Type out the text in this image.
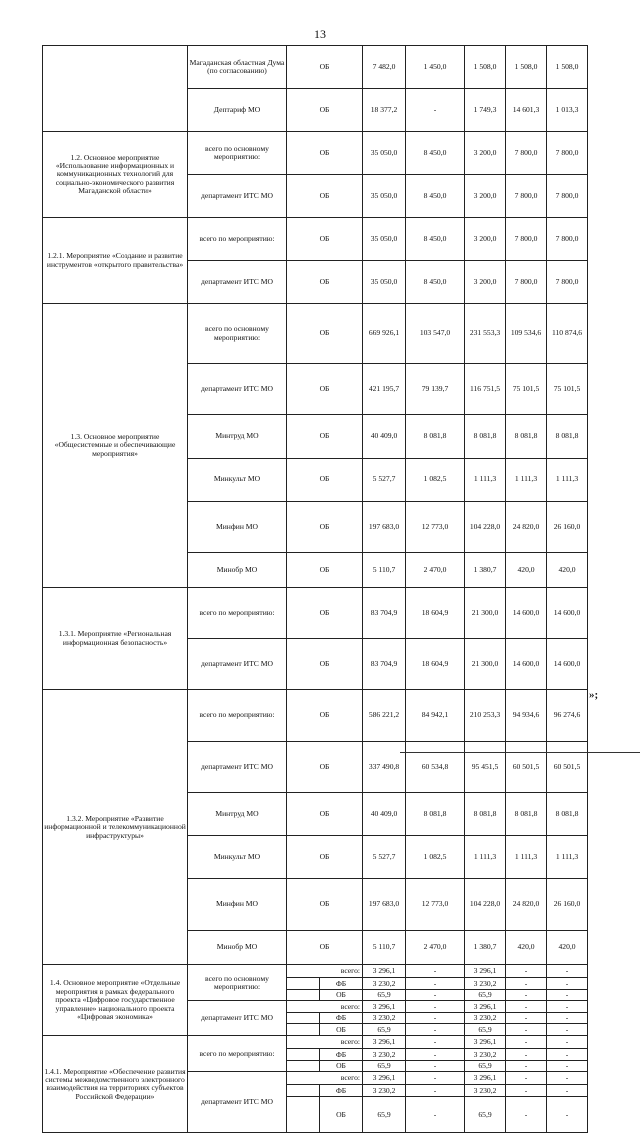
13
	Магаданская областная Дума (по согласованию)	ОБ		7 482,0	1 450,0	1 508,0	1 508,0	1 508,0	
	Дептариф МО	ОБ		18 377,2	-	1 749,3	14 601,3	1 013,3	
1.2. Основное мероприятие «Использование информационных и коммуникационных технологий для социально-экономического развития Магаданской области»	всего по основному мероприятию:	ОБ		35 050,0	8 450,0	3 200,0	7 800,0	7 800,0	
	департамент ИТС МО	ОБ		35 050,0	8 450,0	3 200,0	7 800,0	7 800,0	
1.2.1. Мероприятие «Создание и развитие инструментов «открытого правительства»	всего по мероприятию:	ОБ		35 050,0	8 450,0	3 200,0	7 800,0	7 800,0	
	департамент ИТС МО	ОБ		35 050,0	8 450,0	3 200,0	7 800,0	7 800,0	
1.3. Основное мероприятие «Общесистемные и обеспечивающие мероприятия»	всего по основному мероприятию:	ОБ		669 926,1	103 547,0	231 553,3	109 534,6	110 874,6	
	департамент ИТС МО	ОБ		421 195,7	79 139,7	116 751,5	75 101,5	75 101,5	
	Минтруд МО	ОБ		40 409,0	8 081,8	8 081,8	8 081,8	8 081,8	
	Минкульт МО	ОБ		5 527,7	1 082,5	1 111,3	1 111,3	1 111,3	
	Минфин МО	ОБ		197 683,0	12 773,0	104 228,0	24 820,0	26 160,0	
	Минобр МО	ОБ		5 110,7	2 470,0	1 380,7	420,0	420,0	
1.3.1. Мероприятие «Региональная информационная безопасность»	всего по мероприятию:	ОБ		83 704,9	18 604,9	21 300,0	14 600,0	14 600,0	
	департамент ИТС МО	ОБ		83 704,9	18 604,9	21 300,0	14 600,0	14 600,0	
1.3.2. Мероприятие «Развитие информационной и телекоммуникационной инфраструктуры»	всего по мероприятию:	ОБ		586 221,2	84 942,1	210 253,3	94 934,6	96 274,6	
	департамент ИТС МО	ОБ		337 490,8	60 534,8	95 451,5	60 501,5	60 501,5	
	Минтруд МО	ОБ		40 409,0	8 081,8	8 081,8	8 081,8	8 081,8	
	Минкульт МО	ОБ		5 527,7	1 082,5	1 111,3	1 111,3	1 111,3	
	Минфин МО	ОБ		197 683,0	12 773,0	104 228,0	24 820,0	26 160,0	
	Минобр МО	ОБ		5 110,7	2 470,0	1 380,7	420,0	420,0	
1.4. Основное мероприятие «Отдельные мероприятия в рамках федерального проекта «Цифровое государственное управление» национального проекта «Цифровая экономика»	всего по основному мероприятию:	всего:		3 296,1	-	3 296,1	-	-	
			ФБ	3 230,2	-	3 230,2	-	-	
			ОБ	65,9	-	65,9	-	-	
	департамент ИТС МО	всего:		3 296,1	-	3 296,1	-	-	
			ФБ	3 230,2	-	3 230,2	-	-	
			ОБ	65,9	-	65,9	-	-	
1.4.1. Мероприятие «Обеспечение развития системы межведомственного электронного взаимодействия на территориях субъектов Российской Федерации»	всего по мероприятию:	всего:		3 296,1	-	3 296,1	-	-	
			ФБ	3 230,2	-	3 230,2	-	-	
			ОБ	65,9	-	65,9	-	-	
	департамент ИТС МО	всего:		3 296,1	-	3 296,1	-	-	
			ФБ	3 230,2	-	3 230,2	-	-	
			ОБ	65,9	-	65,9	-	-	
»;
